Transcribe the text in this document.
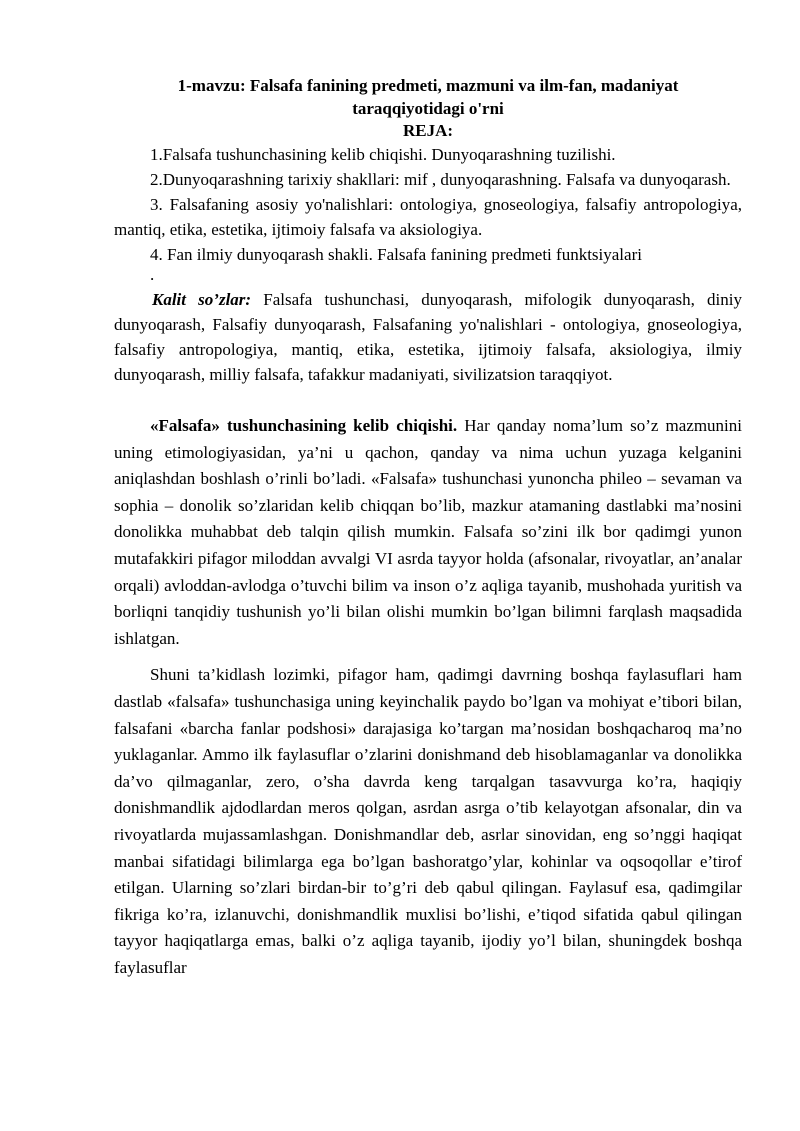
1-mavzu: Falsafa fanining predmeti, mazmuni va ilm-fan, madaniyat
taraqqiyotidagi o'rni

REJA:

1.Falsafa tushunchasining kelib chiqishi. Dunyoqarashning tuzilishi.

2.Dunyoqarashning tarixiy shakllari: mif , dunyoqarashning. Falsafa va dunyoqarash.

3. Falsafaning asosiy yo'nalishlari: ontologiya, gnoseologiya, falsafiy antropologiya, mantiq, etika, estetika, ijtimoiy falsafa va aksiologiya.

4. Fan ilmiy dunyoqarash shakli. Falsafa fanining predmeti funktsiyalari

.

Kalit so’zlar: Falsafa tushunchasi, dunyoqarash, mifologik dunyoqarash, diniy dunyoqarash, Falsafiy dunyoqarash, Falsafaning yo'nalishlari - ontologiya, gnoseologiya, falsafiy antropologiya, mantiq, etika, estetika, ijtimoiy falsafa, aksiologiya, ilmiy dunyoqarash, milliy falsafa, tafakkur madaniyati, sivilizatsion taraqqiyot.

«Falsafa» tushunchasining kelib chiqishi. Har qanday noma’lum so’z mazmunini uning etimologiyasidan, ya’ni u qachon, qanday va nima uchun yuzaga kelganini aniqlashdan boshlash o’rinli bo’ladi. «Falsafa» tushunchasi yunoncha phileo – sevaman va sophia – donolik so’zlaridan kelib chiqqan bo’lib, mazkur atamaning dastlabki ma’nosini donolikka muhabbat deb talqin qilish mumkin. Falsafa so’zini ilk bor qadimgi yunon mutafakkiri pifagor miloddan avvalgi VI asrda tayyor holda (afsonalar, rivoyatlar, an’analar orqali) avloddan-avlodga o’tuvchi bilim va inson o’z aqliga tayanib, mushohada yuritish va borliqni tanqidiy tushunish yo’li bilan olishi mumkin bo’lgan bilimni farqlash maqsadida ishlatgan.

Shuni ta’kidlash lozimki, pifagor ham, qadimgi davrning boshqa faylasuflari ham dastlab «falsafa» tushunchasiga uning keyinchalik paydo bo’lgan va mohiyat e’tibori bilan, falsafani «barcha fanlar podshosi» darajasiga ko’targan ma’nosidan boshqacharoq ma’no yuklaganlar. Ammo ilk faylasuflar o’zlarini donishmand deb hisoblamaganlar va donolikka da’vo qilmaganlar, zero, o’sha davrda keng tarqalgan tasavvurga ko’ra, haqiqiy donishmandlik ajdodlardan meros qolgan, asrdan asrga o’tib kelayotgan afsonalar, din va rivoyatlarda mujassamlashgan. Donishmandlar deb, asrlar sinovidan, eng so’nggi haqiqat manbai sifatidagi bilimlarga ega bo’lgan bashoratgo’ylar, kohinlar va oqsoqollar e’tirof etilgan. Ularning so’zlari birdan-bir to’g’ri deb qabul qilingan. Faylasuf esa, qadimgilar fikriga ko’ra, izlanuvchi, donishmandlik muxlisi bo’lishi, e’tiqod sifatida qabul qilingan tayyor haqiqatlarga emas, balki o’z aqliga tayanib, ijodiy yo’l bilan, shuningdek boshqa faylasuflar
